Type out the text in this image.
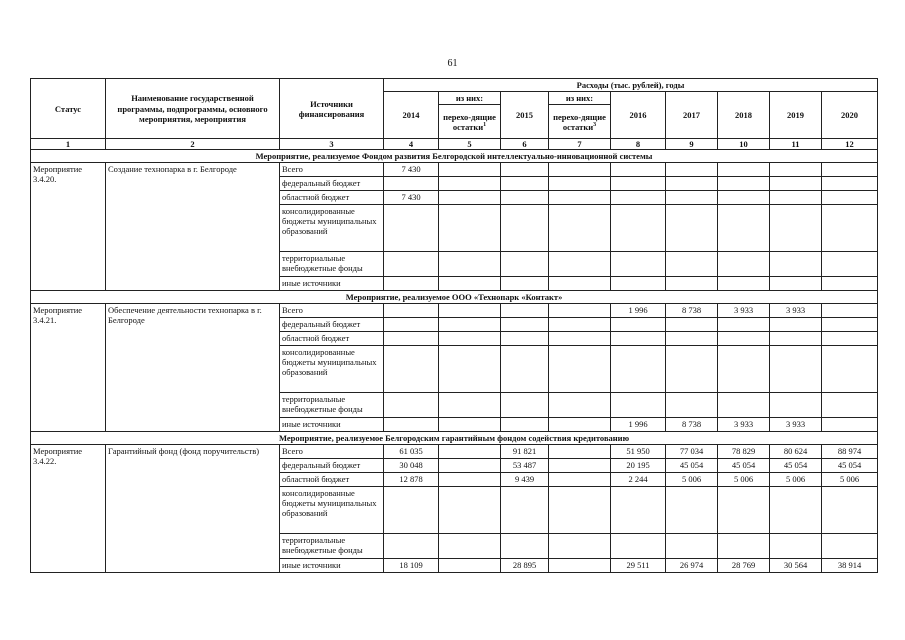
61
Статус	Наименование государственной программы, подпрограммы, основного мероприятия, мероприятия	Источники финансирования	Расходы (тыс. рублей), годы								
			2014	из них:	2015	из них:	2016	2017	2018	2019	2020
				перехо-дящие остатки$^1$		перехо-дящие остатки$^3$
1	2	3	4	5	6	7	8	9	10	11	12
Мероприятие, реализуемое Фондом развития Белгородской интеллектуально-инновационной системы											
Мероприятие 3.4.20.	Создание технопарка в г. Белгороде	Всего	7 430								
		федеральный бюджет									
		областной бюджет	7 430								
		консолидированные бюджеты муниципальных образований									
		территориальные внебюджетные фонды									
		иные источники									
Мероприятие, реализуемое ООО «Технопарк «Контакт»											
Мероприятие 3.4.21.	Обеспечение деятельности технопарка в г. Белгороде	Всего					1 996	8 738	3 933	3 933	
		федеральный бюджет									
		областной бюджет									
		консолидированные бюджеты муниципальных образований									
		территориальные внебюджетные фонды									
		иные источники					1 996	8 738	3 933	3 933	
Мероприятие, реализуемое Белгородским гарантийным фондом содействия кредитованию											
Мероприятие 3.4.22.	Гарантийный фонд (фонд поручительств)	Всего	61 035		91 821		51 950	77 034	78 829	80 624	88 974
		федеральный бюджет	30 048		53 487		20 195	45 054	45 054	45 054	45 054
		областной бюджет	12 878		9 439		2 244	5 006	5 006	5 006	5 006
		консолидированные бюджеты муниципальных образований									
		территориальные внебюджетные фонды									
		иные источники	18 109		28 895		29 511	26 974	28 769	30 564	38 914
